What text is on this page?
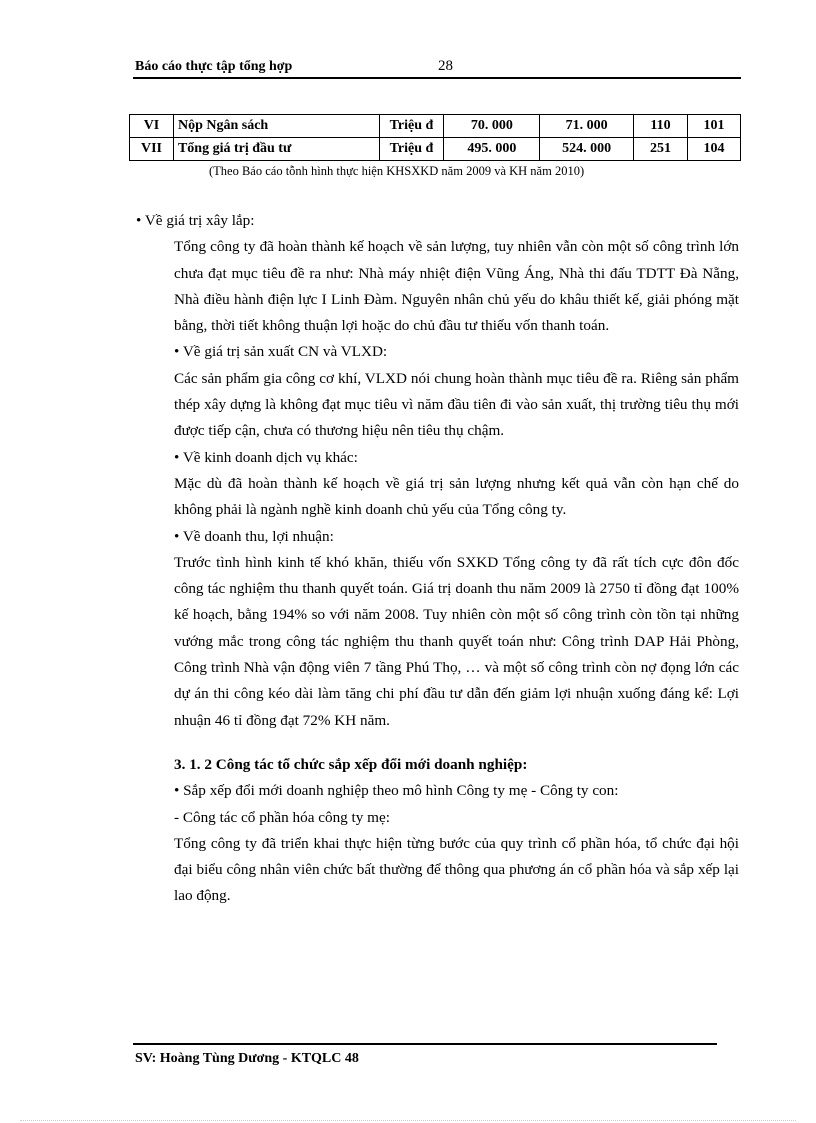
Báo cáo thực tập tổng hợp	28
VI	Nộp Ngân sách	Triệu đ	70. 000	71. 000	110	101
VII	Tổng giá trị đầu tư	Triệu đ	495. 000	524. 000	251	104
(Theo Báo cáo tỗnh hình thực hiện KHSXKD năm 2009 và KH năm 2010)

• Về giá trị xây lắp:

Tổng công ty đã hoàn thành kế hoạch về sản lượng, tuy nhiên vẫn còn một số công trình lớn chưa đạt mục tiêu đề ra như: Nhà máy nhiệt điện Vũng Áng, Nhà thi đấu TDTT Đà Nẵng, Nhà điều hành điện lực I Linh Đàm. Nguyên nhân chủ yếu do khâu thiết kế, giải phóng mặt bằng, thời tiết không thuận lợi hoặc do chủ đầu tư thiếu vốn thanh toán.

• Về giá trị sản xuất CN và VLXD:

Các sản phẩm gia công cơ khí, VLXD nói chung hoàn thành mục tiêu đề ra. Riêng sản phẩm thép xây dựng là không đạt mục tiêu vì năm đầu tiên đi vào sản xuất, thị trường tiêu thụ mới được tiếp cận, chưa có thương hiệu nên tiêu thụ chậm.

• Về kinh doanh dịch vụ khác:

Mặc dù đã hoàn thành kế hoạch về giá trị sản lượng nhưng kết quả vẫn còn hạn chế do không phải là ngành nghề kinh doanh chủ yếu của Tổng công ty.

• Về doanh thu, lợi nhuận:

Trước tình hình kinh tế khó khăn, thiếu vốn SXKD Tổng công ty đã rất tích cực đôn đốc công tác nghiệm thu thanh quyết toán. Giá trị doanh thu năm 2009 là 2750 tỉ đồng đạt 100% kế hoạch, bằng 194% so với năm 2008. Tuy nhiên còn một số công trình còn tồn tại những vướng mắc trong công tác nghiệm thu thanh quyết toán như: Công trình DAP Hải Phòng, Công trình Nhà vận động viên 7 tầng Phú Thọ, … và một số công trình còn nợ đọng lớn các dự án thi công kéo dài làm tăng chi phí đầu tư dẫn đến giảm lợi nhuận xuống đáng kể: Lợi nhuận 46 tỉ đồng đạt 72% KH năm.

3. 1. 2 Công tác tổ chức sắp xếp đổi mới doanh nghiệp:

• Sắp xếp đổi mới doanh nghiệp theo mô hình Công ty mẹ - Công ty con:

- Công tác cổ phần hóa công ty mẹ:

Tổng công ty đã triển khai thực hiện từng bước của quy trình cổ phần hóa, tổ chức đại hội đại biểu công nhân viên chức bất thường để thông qua phương án cổ phần hóa và sắp xếp lại lao động.

SV: Hoàng Tùng Dương - KTQLC 48
